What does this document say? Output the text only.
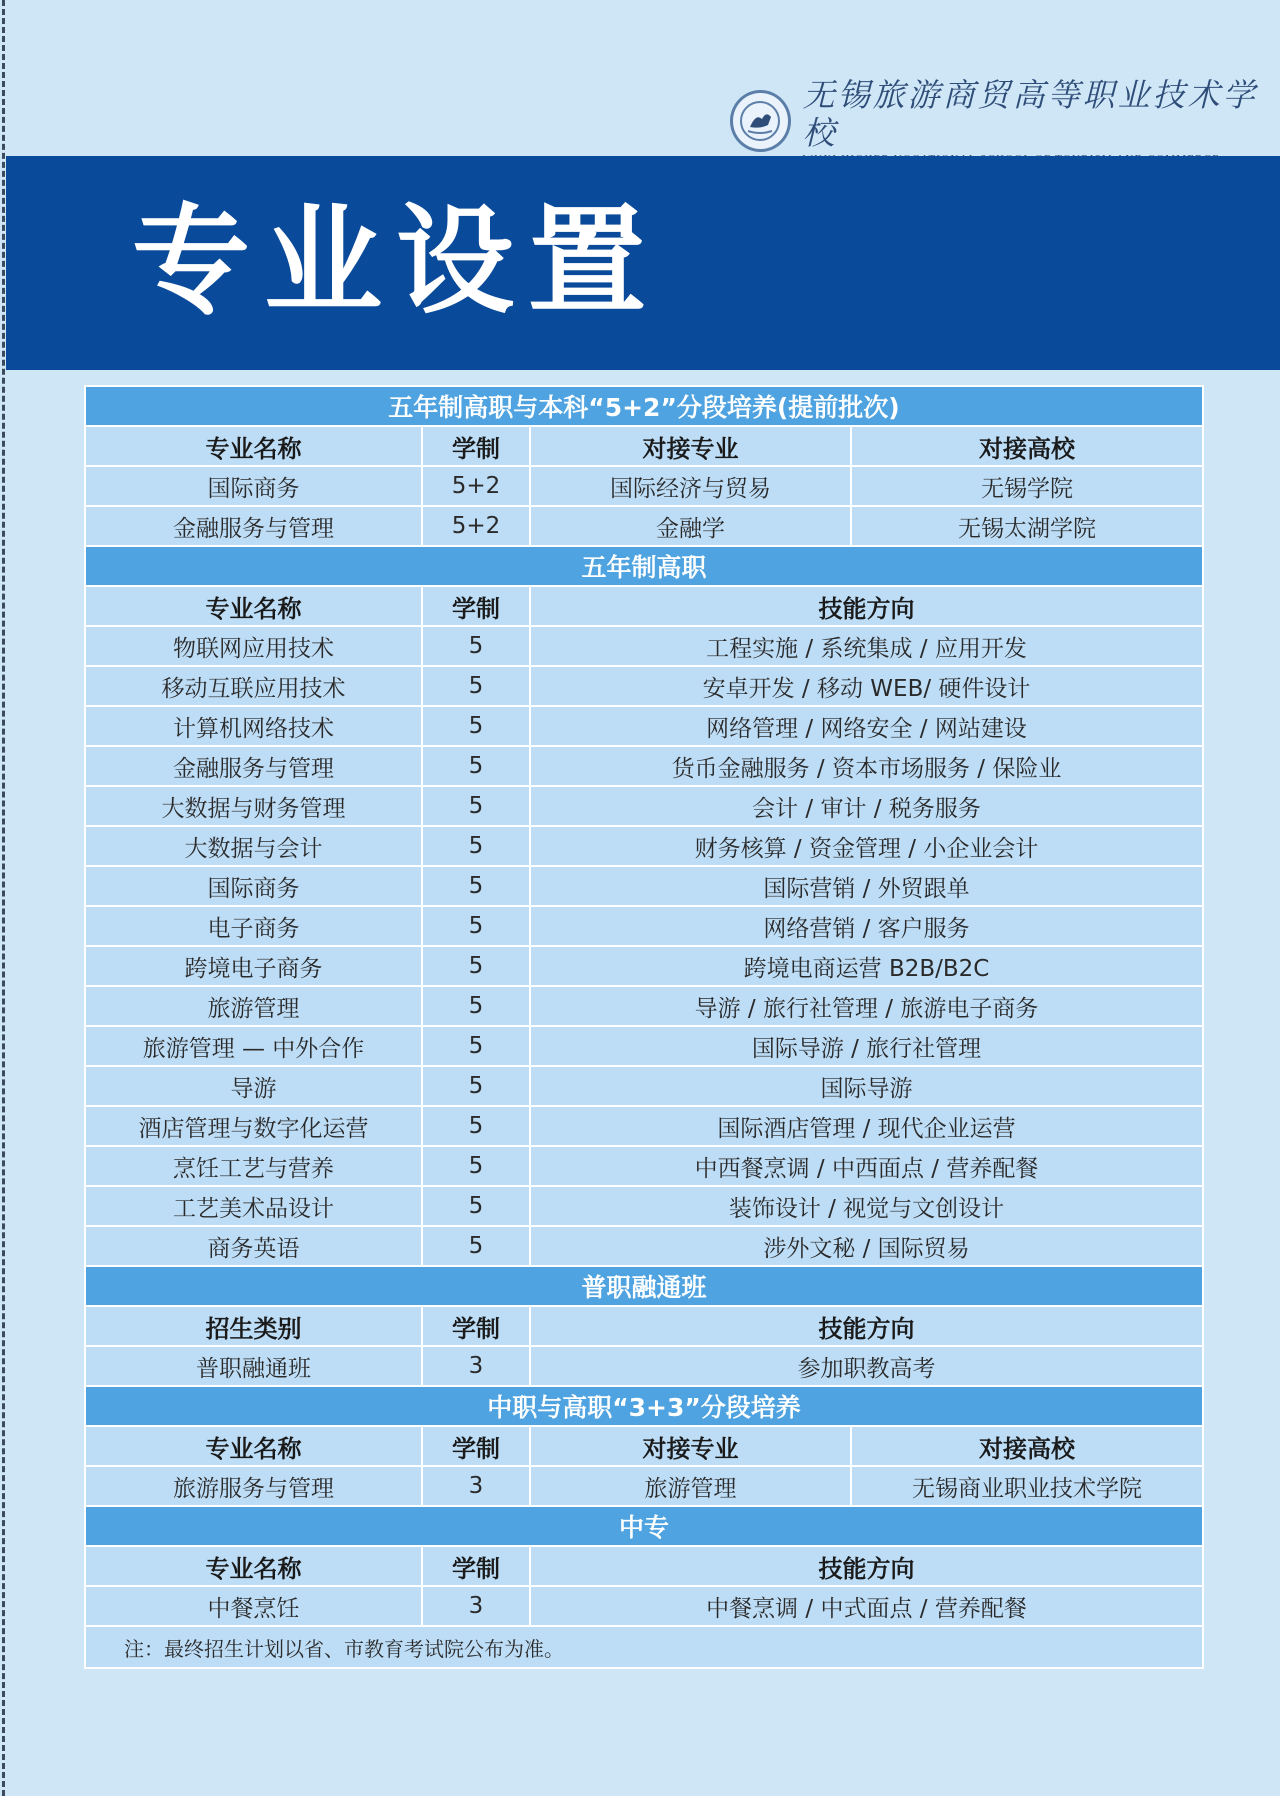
无锡旅游商贸高等职业技术学校
专业设置
五年制高职与本科“5+2”分段培养(提前批次)			
专业名称	学制	对接专业	对接高校
国际商务	5+2	国际经济与贸易	无锡学院
金融服务与管理	5+2	金融学	无锡太湖学院
五年制高职			
专业名称	学制	技能方向	
物联网应用技术	5	工程实施 / 系统集成 / 应用开发	
移动互联应用技术	5	安卓开发 / 移动 WEB/ 硬件设计	
计算机网络技术	5	网络管理 / 网络安全 / 网站建设	
金融服务与管理	5	货币金融服务 / 资本市场服务 / 保险业	
大数据与财务管理	5	会计 / 审计 / 税务服务	
大数据与会计	5	财务核算 / 资金管理 / 小企业会计	
国际商务	5	国际营销 / 外贸跟单	
电子商务	5	网络营销 / 客户服务	
跨境电子商务	5	跨境电商运营 B2B/B2C	
旅游管理	5	导游 / 旅行社管理 / 旅游电子商务	
旅游管理 — 中外合作	5	国际导游 / 旅行社管理	
导游	5	国际导游	
酒店管理与数字化运营	5	国际酒店管理 / 现代企业运营	
烹饪工艺与营养	5	中西餐烹调 / 中西面点 / 营养配餐	
工艺美术品设计	5	装饰设计 / 视觉与文创设计	
商务英语	5	涉外文秘 / 国际贸易	
普职融通班			
招生类别	学制	技能方向	
普职融通班	3	参加职教高考	
中职与高职“3+3”分段培养			
专业名称	学制	对接专业	对接高校
旅游服务与管理	3	旅游管理	无锡商业职业技术学院
中专			
专业名称	学制	技能方向	
中餐烹饪	3	中餐烹调 / 中式面点 / 营养配餐	
注：最终招生计划以省、市教育考试院公布为准。			
